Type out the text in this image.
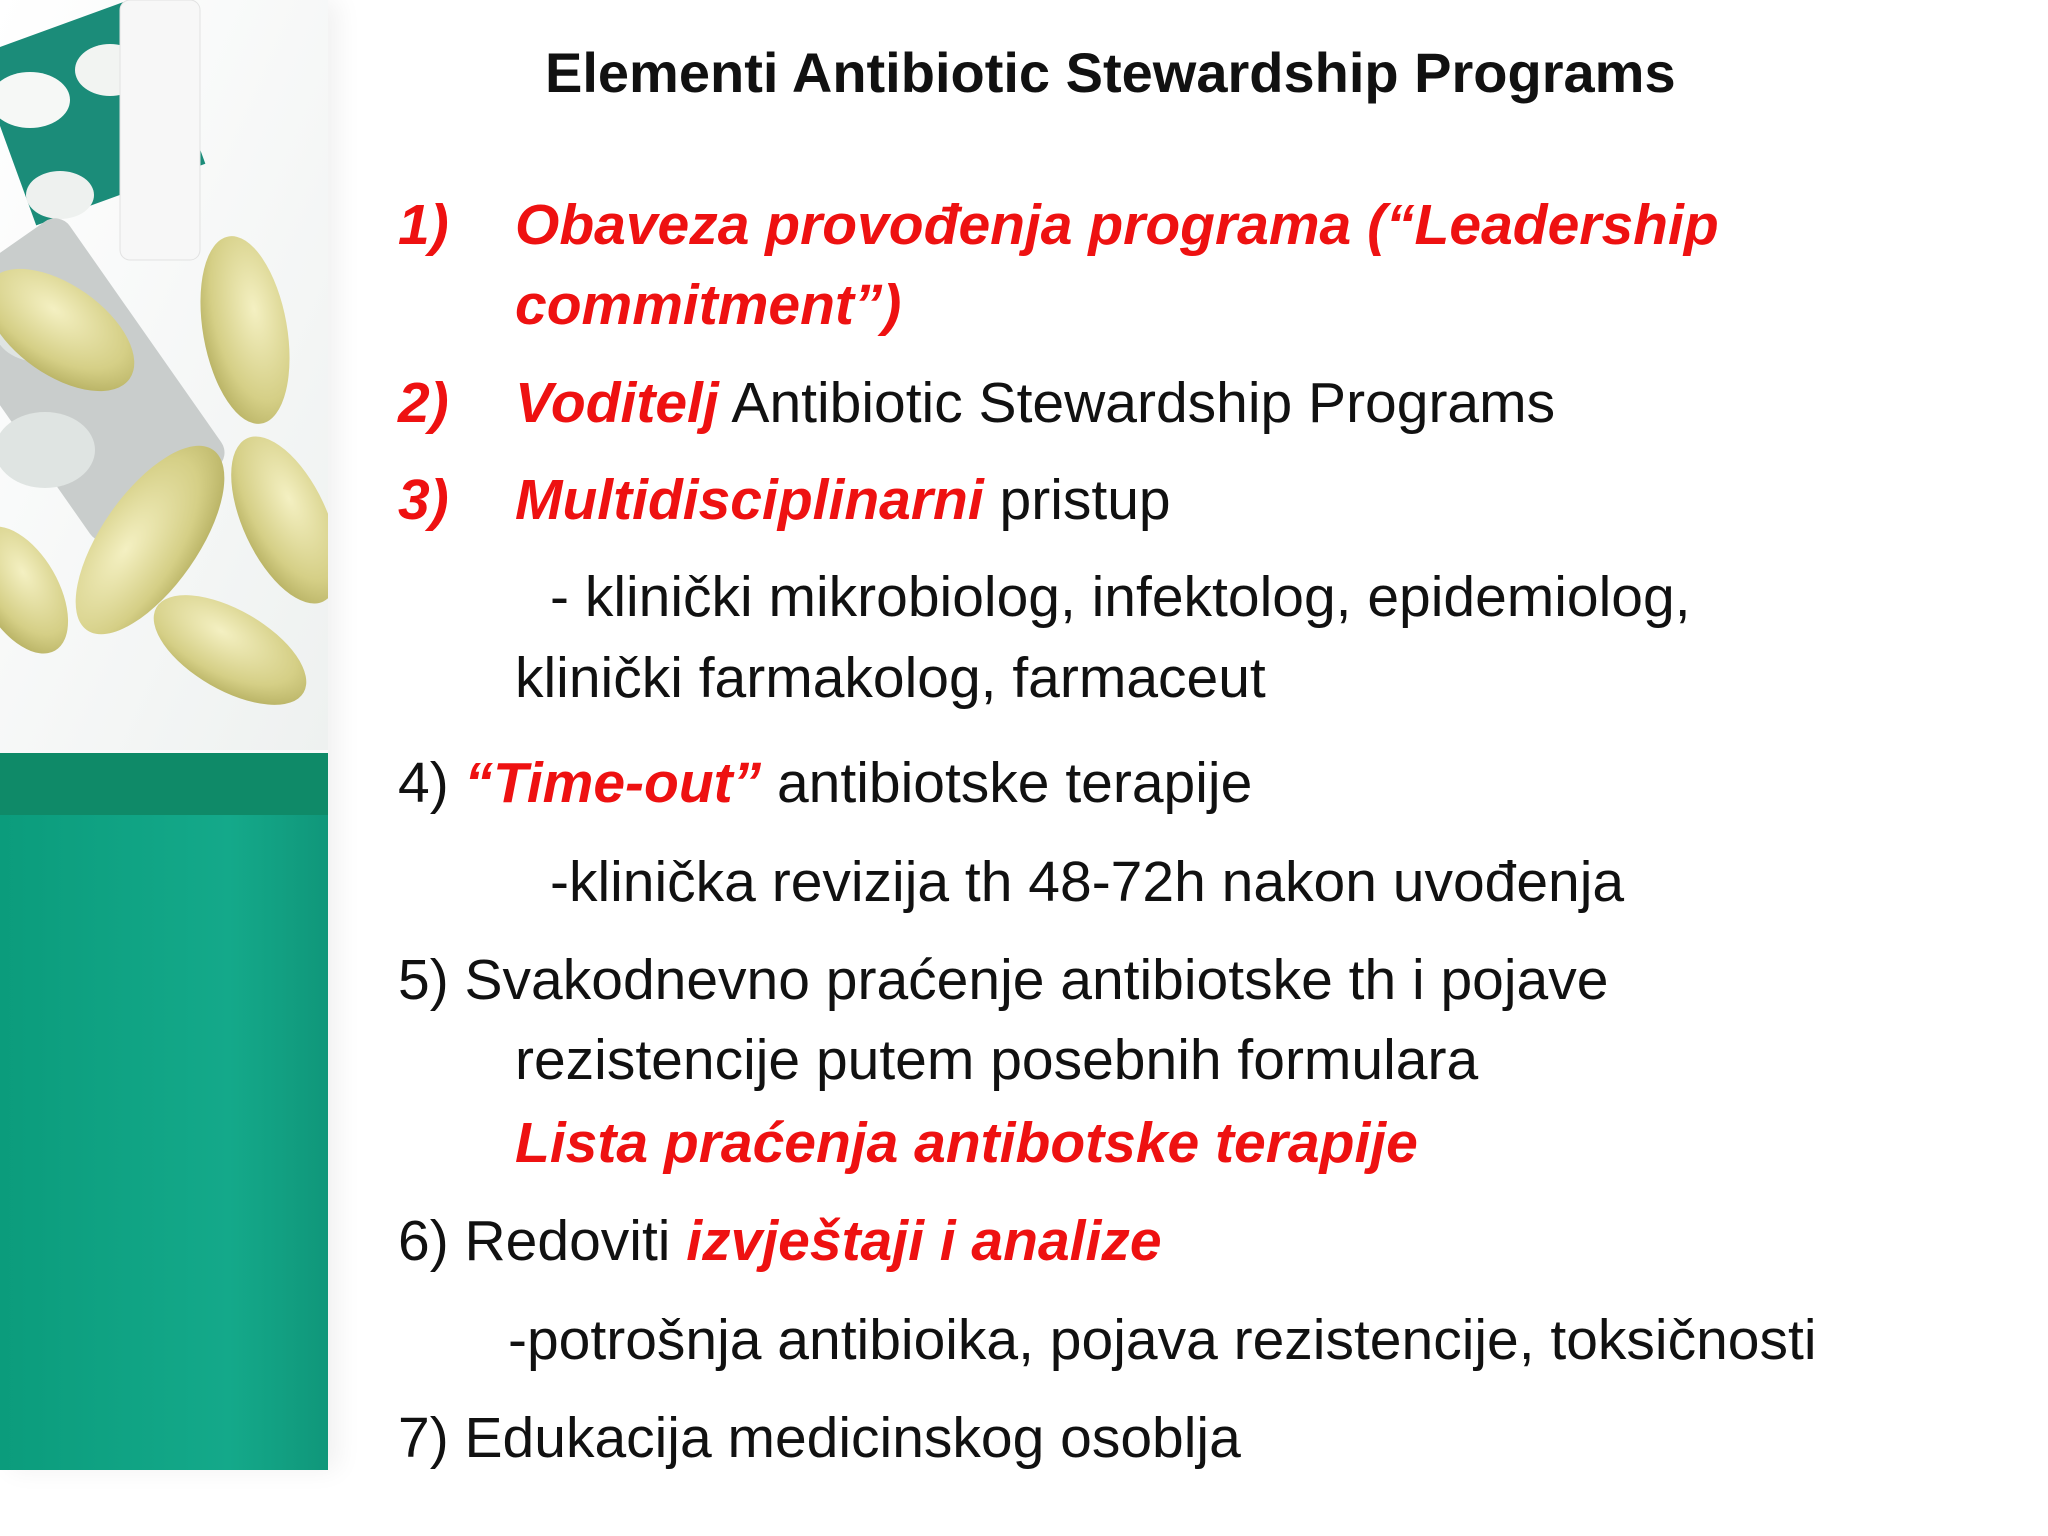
Elementi Antibiotic Stewardship Programs
1) Obaveza provođenja programa (“Leadership
commitment”)
2) Voditelj Antibiotic Stewardship Programs
3) Multidisciplinarni pristup
- klinički mikrobiolog, infektolog, epidemiolog,
klinički farmakolog, farmaceut
4) “Time-out” antibiotske terapije
-klinička revizija th 48-72h nakon uvođenja
5) Svakodnevno praćenje antibiotske th i pojave
rezistencije putem posebnih formulara
Lista praćenja antibotske terapije
6) Redoviti izvještaji i analize
-potrošnja antibioika, pojava rezistencije, toksičnosti
7) Edukacija medicinskog osoblja
